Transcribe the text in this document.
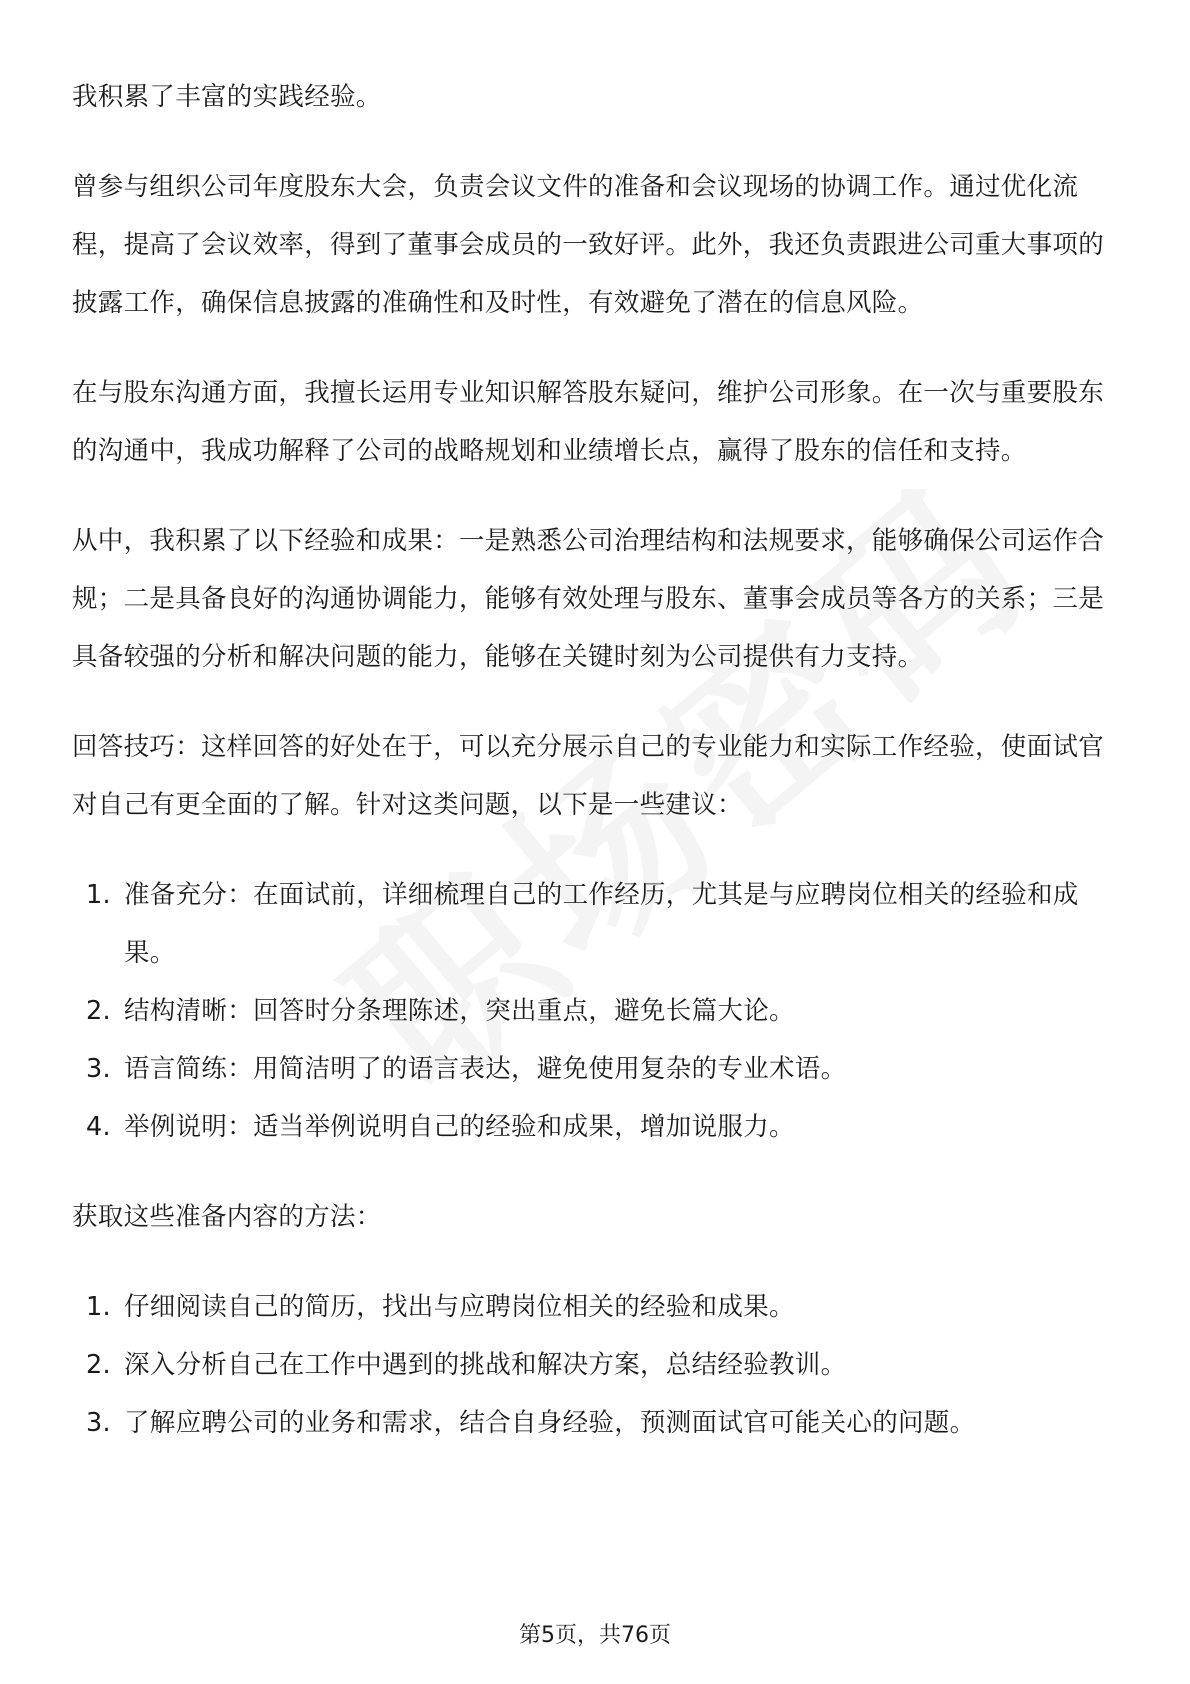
我积累了丰富的实践经验。

曾参与组织公司年度股东大会，负责会议文件的准备和会议现场的协调工作。通过优化流程，提高了会议效率，得到了董事会成员的一致好评。此外，我还负责跟进公司重大事项的披露工作，确保信息披露的准确性和及时性，有效避免了潜在的信息风险。

在与股东沟通方面，我擅长运用专业知识解答股东疑问，维护公司形象。在一次与重要股东的沟通中，我成功解释了公司的战略规划和业绩增长点，赢得了股东的信任和支持。

从中，我积累了以下经验和成果：一是熟悉公司治理结构和法规要求，能够确保公司运作合规；二是具备良好的沟通协调能力，能够有效处理与股东、董事会成员等各方的关系；三是具备较强的分析和解决问题的能力，能够在关键时刻为公司提供有力支持。

回答技巧：这样回答的好处在于，可以充分展示自己的专业能力和实际工作经验，使面试官对自己有更全面的了解。针对这类问题，以下是一些建议：

1. 准备充分：在面试前，详细梳理自己的工作经历，尤其是与应聘岗位相关的经验和成果。
2. 结构清晰：回答时分条理陈述，突出重点，避免长篇大论。
3. 语言简练：用简洁明了的语言表达，避免使用复杂的专业术语。
4. 举例说明：适当举例说明自己的经验和成果，增加说服力。

获取这些准备内容的方法：

1. 仔细阅读自己的简历，找出与应聘岗位相关的经验和成果。
2. 深入分析自己在工作中遇到的挑战和解决方案，总结经验教训。
3. 了解应聘公司的业务和需求，结合自身经验，预测面试官可能关心的问题。
第5页，共76页
